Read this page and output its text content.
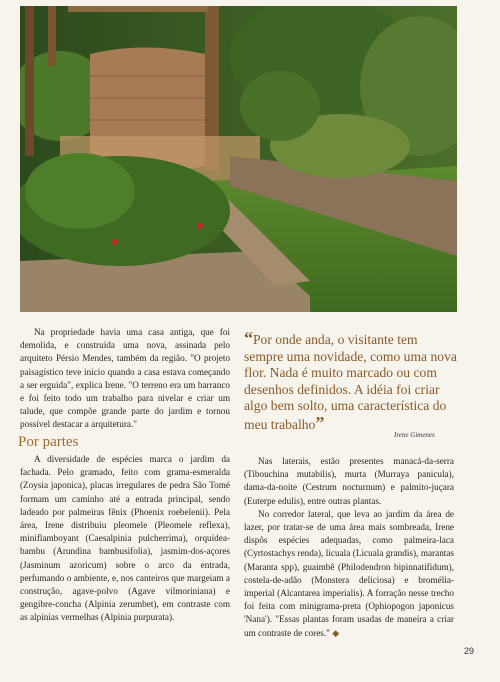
Na propriedade havia uma casa antiga, que foi demolida, e construída uma nova, assinada pelo arquiteto Pérsio Mendes, também da região. "O projeto paisagístico teve início quando a casa estava começando a ser erguida", explica Irene. "O terreno era um barranco e foi feito todo um trabalho para nivelar e criar um talude, que compõe grande parte do jardim e tornou possível destacar a arquitetura."

Por partes

A diversidade de espécies marca o jardim da fachada. Pelo gramado, feito com grama-esmeralda (Zoysia japonica), placas irregulares de pedra São Tomé formam um caminho até a entrada principal, sendo ladeado por palmeiras fênix (Phoenix roebelenii). Pela área, Irene distribuiu pleomele (Pleomele reflexa), miniflamboyant (Caesalpinia pulcherrima), orquídea-bambu (Arundina bambusifolia), jasmim-dos-açores (Jasminum azoricum) sobre o arco da entrada, perfumando o ambiente, e, nos canteiros que margeiam a construção, agave-polvo (Agave vilmoriniana) e gengibre-concha (Alpinia zerumbet), em contraste com as alpínias vermelhas (Alpinia purpurata).

“Por onde anda, o visitante tem sempre uma novidade, como uma nova flor. Nada é muito marcado ou com desenhos definidos. A idéia foi criar algo bem solto, uma característica do meu trabalho”
Irene Gimenes

Nas laterais, estão presentes manacá-da-serra (Tibouchina mutabilis), murta (Murraya panicula), dama-da-noite (Cestrum nocturnum) e palmito-juçara (Euterpe edulis), entre outras plantas.

No corredor lateral, que leva ao jardim da área de lazer, por tratar-se de uma área mais sombreada, Irene dispôs espécies adequadas, como palmeira-laca (Cyrtostachys renda), licuala (Licuala grandis), marantas (Maranta spp), guaimbê (Philodendron bipinnatifidum), costela-de-adão (Monstera deliciosa) e bromélia-imperial (Alcantarea imperialis). A forração nesse trecho foi feita com minigrama-preta (Ophiopogon japonicus 'Nana'). "Essas plantas foram usadas de maneira a criar um contraste de cores." ◆

29
